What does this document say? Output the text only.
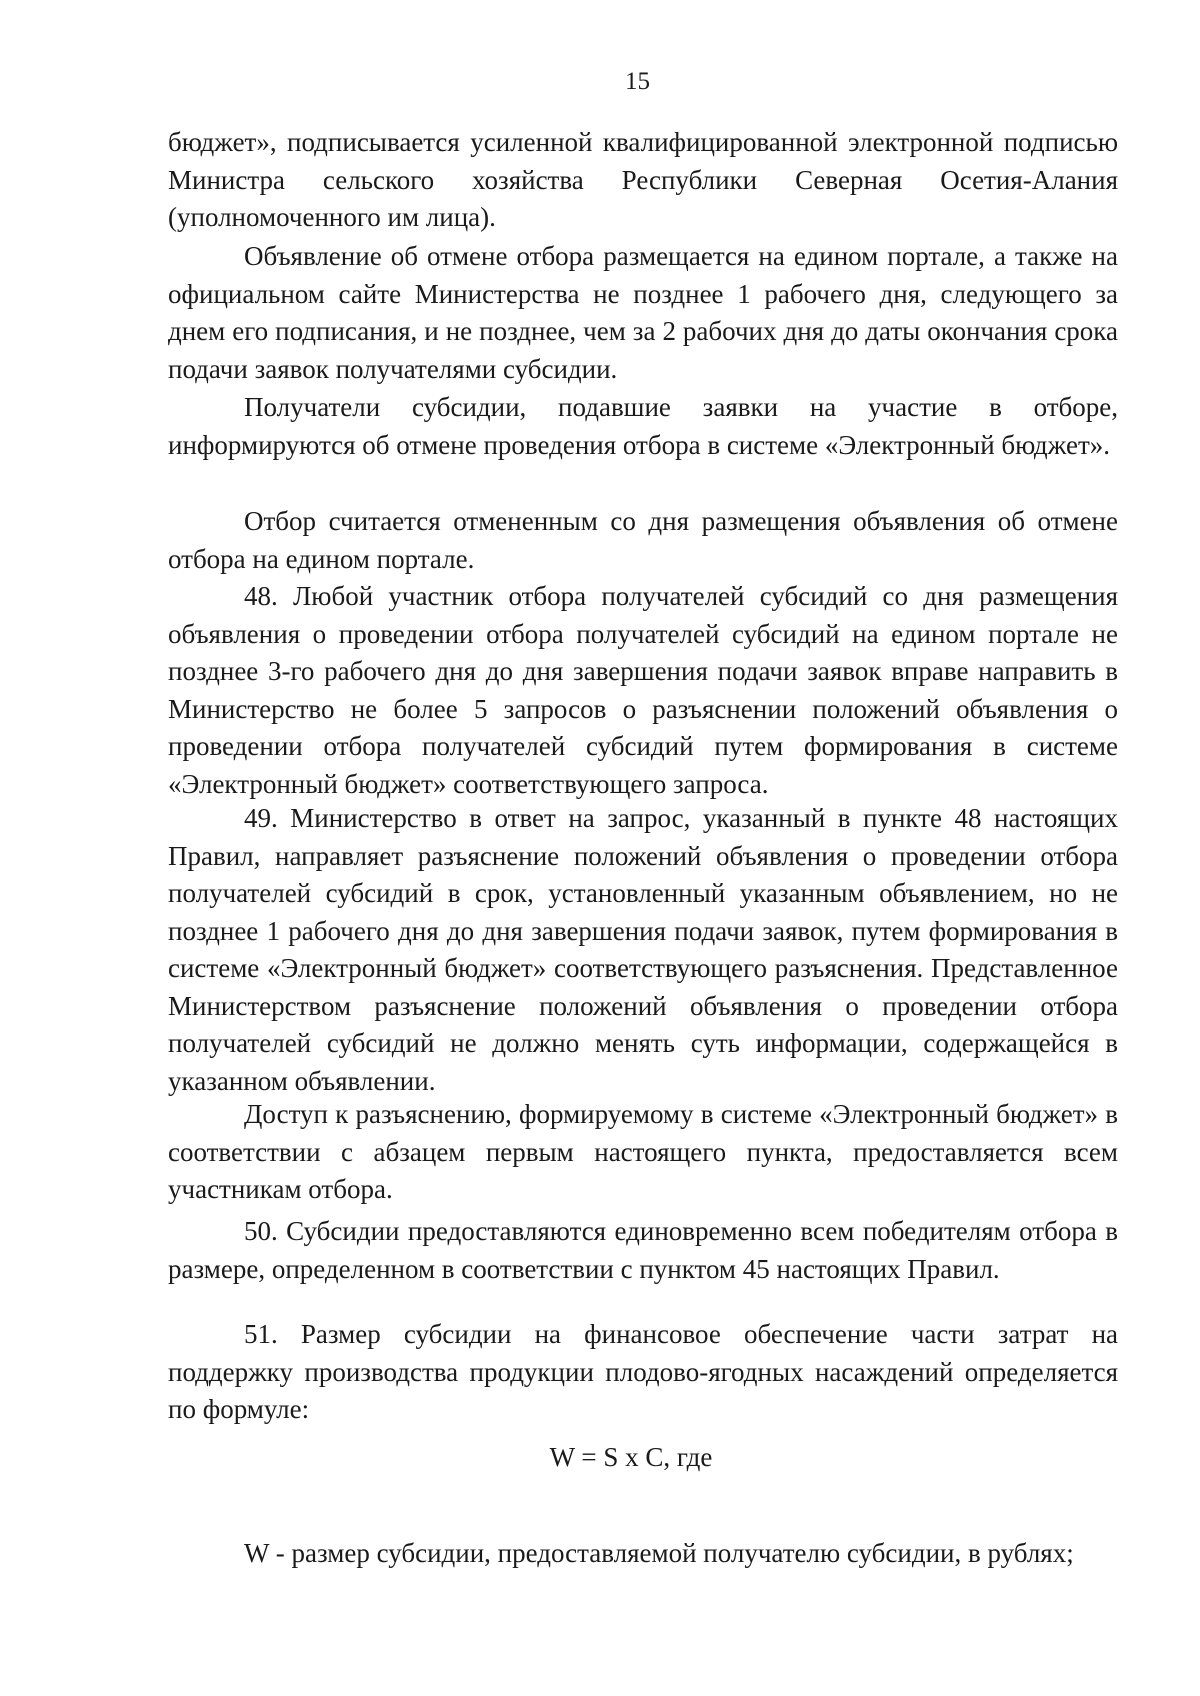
15

бюджет», подписывается усиленной квалифицированной электронной подписью Министра сельского хозяйства Республики Северная Осетия-Алания (уполномоченного им лица).

Объявление об отмене отбора размещается на едином портале, а также на официальном сайте Министерства не позднее 1 рабочего дня, следующего за днем его подписания, и не позднее, чем за 2 рабочих дня до даты окончания срока подачи заявок получателями субсидии.

Получатели субсидии, подавшие заявки на участие в отборе, информируются об отмене проведения отбора в системе «Электронный бюджет».

Отбор считается отмененным со дня размещения объявления об отмене отбора на едином портале.

48. Любой участник отбора получателей субсидий со дня размещения объявления о проведении отбора получателей субсидий на едином портале не позднее 3-го рабочего дня до дня завершения подачи заявок вправе направить в Министерство не более 5 запросов о разъяснении положений объявления о проведении отбора получателей субсидий путем формирования в системе «Электронный бюджет» соответствующего запроса.

49. Министерство в ответ на запрос, указанный в пункте 48 настоящих Правил, направляет разъяснение положений объявления о проведении отбора получателей субсидий в срок, установленный указанным объявлением, но не позднее 1 рабочего дня до дня завершения подачи заявок, путем формирования в системе «Электронный бюджет» соответствующего разъяснения. Представленное Министерством разъяснение положений объявления о проведении отбора получателей субсидий не должно менять суть информации, содержащейся в указанном объявлении.

Доступ к разъяснению, формируемому в системе «Электронный бюджет» в соответствии с абзацем первым настоящего пункта, предоставляется всем участникам отбора.

50. Субсидии предоставляются единовременно всем победителям отбора в размере, определенном в соответствии с пунктом 45 настоящих Правил.

51. Размер субсидии на финансовое обеспечение части затрат на поддержку производства продукции плодово-ягодных насаждений определяется по формуле:

W = S x C, где

W - размер субсидии, предоставляемой получателю субсидии, в рублях;
